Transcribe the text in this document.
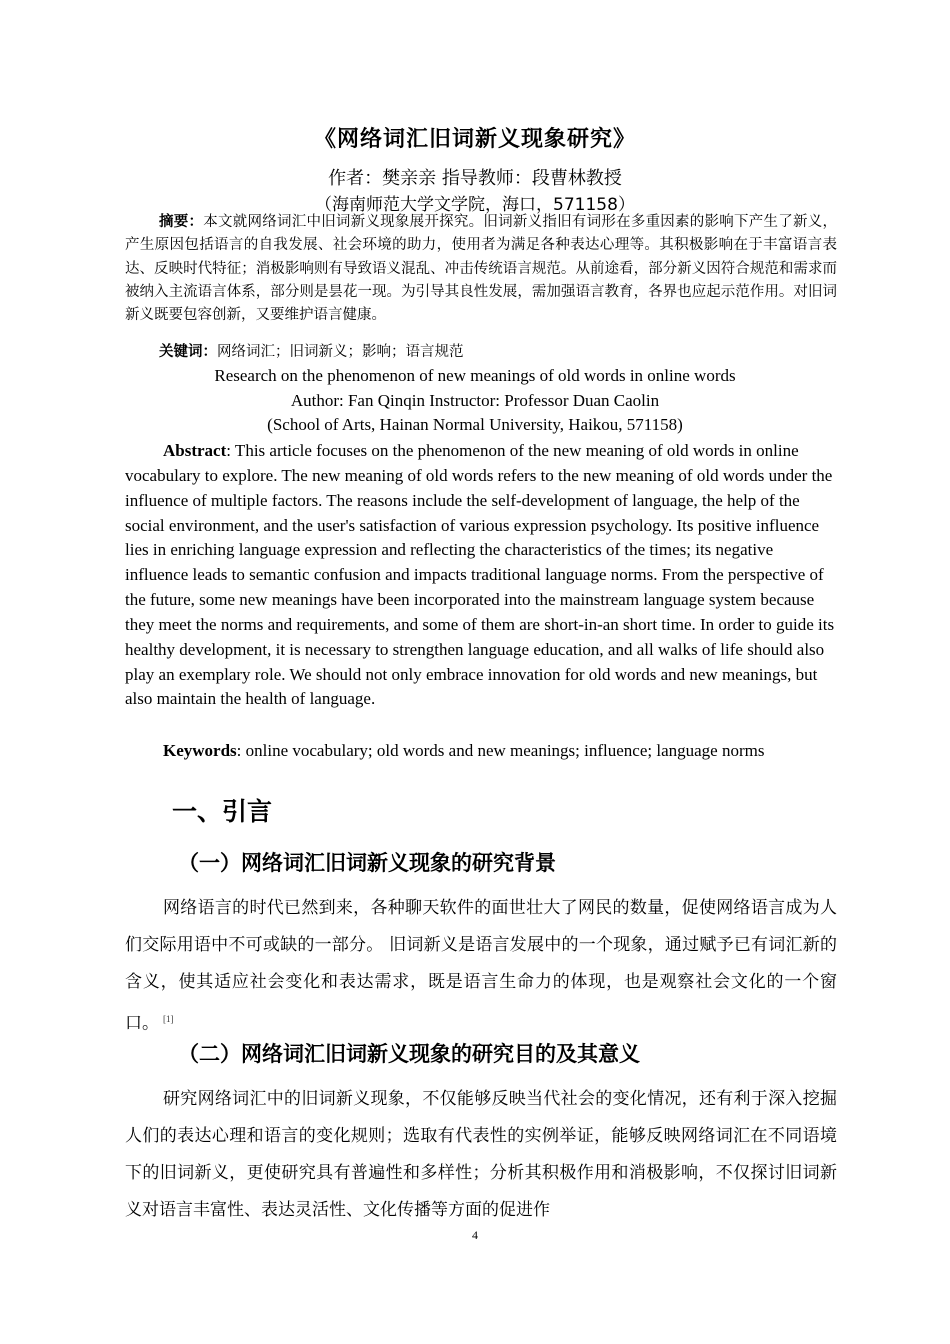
《网络词汇旧词新义现象研究》
作者：樊亲亲 指导教师：段曹林教授
（海南师范大学文学院，海口，571158）
摘要：本文就网络词汇中旧词新义现象展开探究。旧词新义指旧有词形在多重因素的影响下产生了新义，产生原因包括语言的自我发展、社会环境的助力，使用者为满足各种表达心理等。其积极影响在于丰富语言表达、反映时代特征；消极影响则有导致语义混乱、冲击传统语言规范。从前途看，部分新义因符合规范和需求而被纳入主流语言体系，部分则是昙花一现。为引导其良性发展，需加强语言教育，各界也应起示范作用。对旧词新义既要包容创新，又要维护语言健康。
关键词：网络词汇；旧词新义；影响；语言规范
Research on the phenomenon of new meanings of old words in online words
Author: Fan Qinqin Instructor: Professor Duan Caolin
(School of Arts, Hainan Normal University, Haikou, 571158)
Abstract: This article focuses on the phenomenon of the new meaning of old words in online vocabulary to explore. The new meaning of old words refers to the new meaning of old words under the influence of multiple factors. The reasons include the self-development of language, the help of the social environment, and the user's satisfaction of various expression psychology. Its positive influence lies in enriching language expression and reflecting the characteristics of the times; its negative influence leads to semantic confusion and impacts traditional language norms. From the perspective of the future, some new meanings have been incorporated into the mainstream language system because they meet the norms and requirements, and some of them are short-in-an short time. In order to guide its healthy development, it is necessary to strengthen language education, and all walks of life should also play an exemplary role. We should not only embrace innovation for old words and new meanings, but also maintain the health of language.
Keywords: online vocabulary; old words and new meanings; influence; language norms
一、引言
（一）网络词汇旧词新义现象的研究背景
网络语言的时代已然到来，各种聊天软件的面世壮大了网民的数量，促使网络语言成为人们交际用语中不可或缺的一部分。 旧词新义是语言发展中的一个现象，通过赋予已有词汇新的含义，使其适应社会变化和表达需求，既是语言生命力的体现，也是观察社会文化的一个窗口。 [1]
（二）网络词汇旧词新义现象的研究目的及其意义
研究网络词汇中的旧词新义现象，不仅能够反映当代社会的变化情况，还有利于深入挖掘人们的表达心理和语言的变化规则；选取有代表性的实例举证，能够反映网络词汇在不同语境下的旧词新义，更使研究具有普遍性和多样性；分析其积极作用和消极影响，不仅探讨旧词新义对语言丰富性、表达灵活性、文化传播等方面的促进作
4
